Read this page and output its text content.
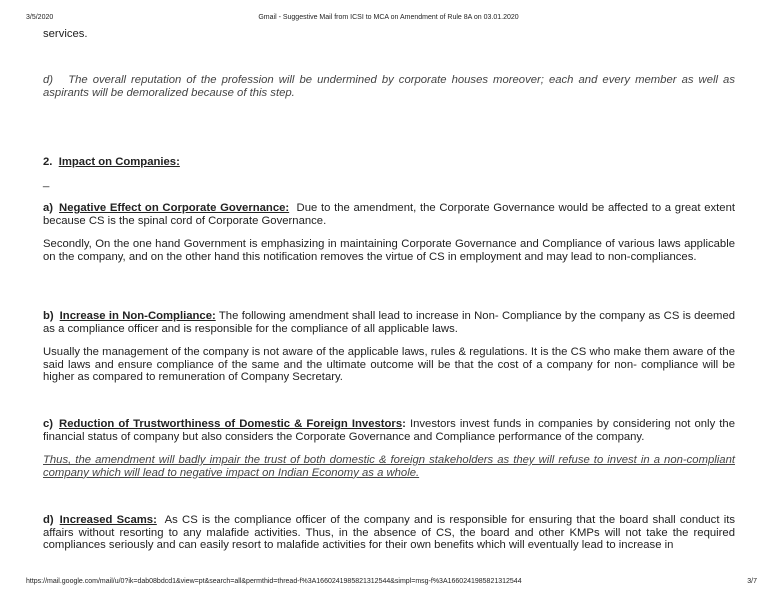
3/5/2020	Gmail - Suggestive Mail from ICSI to MCA on Amendment of Rule 8A on 03.01.2020

services.

d) The overall reputation of the profession will be undermined by corporate houses moreover; each and every member as well as aspirants will be demoralized because of this step.

2. Impact on Companies:

_

a) Negative Effect on Corporate Governance: Due to the amendment, the Corporate Governance would be affected to a great extent because CS is the spinal cord of Corporate Governance.

Secondly, On the one hand Government is emphasizing in maintaining Corporate Governance and Compliance of various laws applicable on the company, and on the other hand this notification removes the virtue of CS in employment and may lead to non-compliances.

b) Increase in Non-Compliance: The following amendment shall lead to increase in Non- Compliance by the company as CS is deemed as a compliance officer and is responsible for the compliance of all applicable laws.

Usually the management of the company is not aware of the applicable laws, rules & regulations. It is the CS who make them aware of the said laws and ensure compliance of the same and the ultimate outcome will be that the cost of a company for non- compliance will be higher as compared to remuneration of Company Secretary.

c) Reduction of Trustworthiness of Domestic & Foreign Investors: Investors invest funds in companies by considering not only the financial status of company but also considers the Corporate Governance and Compliance performance of the company.

Thus, the amendment will badly impair the trust of both domestic & foreign stakeholders as they will refuse to invest in a non-compliant company which will lead to negative impact on Indian Economy as a whole.

d) Increased Scams: As CS is the compliance officer of the company and is responsible for ensuring that the board shall conduct its affairs without resorting to any malafide activities. Thus, in the absence of CS, the board and other KMPs will not take the required compliances seriously and can easily resort to malafide activities for their own benefits which will eventually lead to increase in

https://mail.google.com/mail/u/0?ik=dab08bdcd1&view=pt&search=all&permthid=thread-f%3A1660241985821312544&simpl=msg-f%3A1660241985821312544	3/7
